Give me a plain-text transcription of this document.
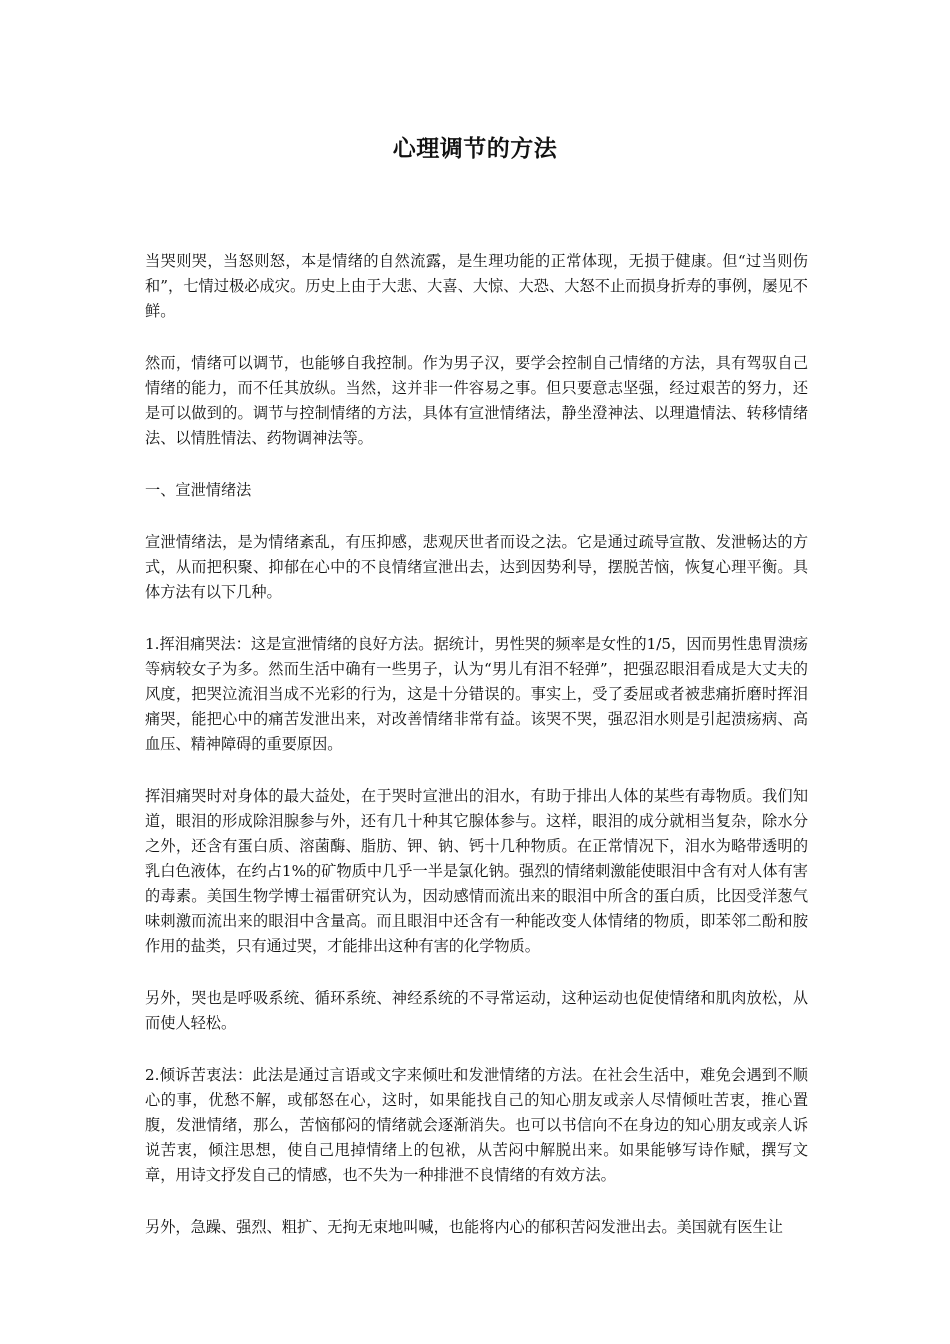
心理调节的方法

当哭则哭，当怒则怒，本是情绪的自然流露，是生理功能的正常体现，无损于健康。但“过当则伤和”，七情过极必成灾。历史上由于大悲、大喜、大惊、大恐、大怒不止而损身折寿的事例，屡见不鲜。

然而，情绪可以调节，也能够自我控制。作为男子汉，要学会控制自己情绪的方法，具有驾驭自己情绪的能力，而不任其放纵。当然，这并非一件容易之事。但只要意志坚强，经过艰苦的努力，还是可以做到的。调节与控制情绪的方法，具体有宣泄情绪法，静坐澄神法、以理遣情法、转移情绪法、以情胜情法、药物调神法等。

一、宣泄情绪法

宣泄情绪法，是为情绪紊乱，有压抑感，悲观厌世者而设之法。它是通过疏导宣散、发泄畅达的方式，从而把积聚、抑郁在心中的不良情绪宣泄出去，达到因势利导，摆脱苦恼，恢复心理平衡。具体方法有以下几种。

1.挥泪痛哭法：这是宣泄情绪的良好方法。据统计，男性哭的频率是女性的1/5，因而男性患胃溃疡等病较女子为多。然而生活中确有一些男子，认为“男儿有泪不轻弹”，把强忍眼泪看成是大丈夫的风度，把哭泣流泪当成不光彩的行为，这是十分错误的。事实上，受了委屈或者被悲痛折磨时挥泪痛哭，能把心中的痛苦发泄出来，对改善情绪非常有益。该哭不哭，强忍泪水则是引起溃疡病、高血压、精神障碍的重要原因。

挥泪痛哭时对身体的最大益处，在于哭时宣泄出的泪水，有助于排出人体的某些有毒物质。我们知道，眼泪的形成除泪腺参与外，还有几十种其它腺体参与。这样，眼泪的成分就相当复杂，除水分之外，还含有蛋白质、溶菌酶、脂肪、钾、钠、钙十几种物质。在正常情况下，泪水为略带透明的乳白色液体，在约占1%的矿物质中几乎一半是氯化钠。强烈的情绪刺激能使眼泪中含有对人体有害的毒素。美国生物学博士福雷研究认为，因动感情而流出来的眼泪中所含的蛋白质，比因受洋葱气味刺激而流出来的眼泪中含量高。而且眼泪中还含有一种能改变人体情绪的物质，即苯邻二酚和胺作用的盐类，只有通过哭，才能排出这种有害的化学物质。

另外，哭也是呼吸系统、循环系统、神经系统的不寻常运动，这种运动也促使情绪和肌肉放松，从而使人轻松。

2.倾诉苦衷法：此法是通过言语或文字来倾吐和发泄情绪的方法。在社会生活中，难免会遇到不顺心的事，优愁不解，或郁怒在心，这时，如果能找自己的知心朋友或亲人尽情倾吐苦衷，推心置腹，发泄情绪，那么，苦恼郁闷的情绪就会逐渐消失。也可以书信向不在身边的知心朋友或亲人诉说苦衷，倾注思想，使自己甩掉情绪上的包袱，从苦闷中解脱出来。如果能够写诗作赋，撰写文章，用诗文抒发自己的情感，也不失为一种排泄不良情绪的有效方法。

另外，急躁、强烈、粗扩、无拘无束地叫喊，也能将内心的郁积苦闷发泄出去。美国就有医生让
